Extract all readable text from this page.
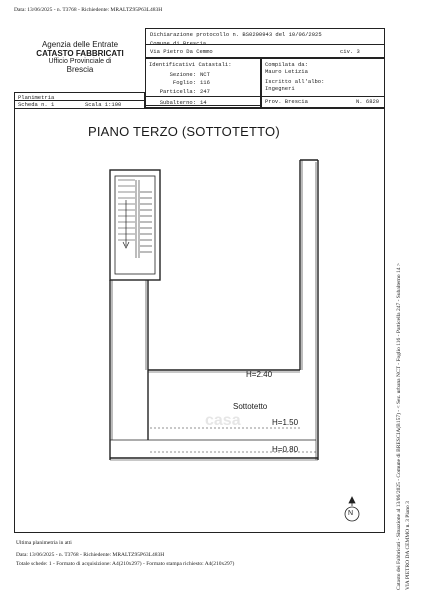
Data: 13/06/2025 - n. T3768 - Richiedente: MRALTZ95P63L483H
Agenzia delle Entrate
CATASTO FABBRICATI
Ufficio Provinciale di
Brescia
Dichiarazione protocollo n. BS0200943 del 10/06/2025
Comune di Brescia
Via Pietro Da Cemmo	civ. 3
Identificativi Catastali:
Sezione: NCT
Foglio: 116
Particella: 247
Subalterno: 14
Compilata da:
Mauro Letizia
Iscritto all'albo:
Ingegneri
Prov. Brescia	N. 6820
Planimetria
Scheda n. 1	Scala 1:100
PIANO TERZO (SOTTOTETTO)
H=2.40
Sottotetto
H=1.50
H=0.80
N
casa	Catasto dei Fabbricati - Situazione al 13/06/2025 - Comune di BRESCIA(B157) - < Sez. urbana NCT - Foglio 116 - Particella 247 - Subalterno 14 > VIA PIETRO DA CEMMO n. 3 Piano 3
Ultima planimetria in atti
Data: 13/06/2025 - n. T3768 - Richiedente: MRALTZ95P63L483H
Totale schede: 1 - Formato di acquisizione: A4(210x297) - Formato stampa richiesto: A4(210x297)
